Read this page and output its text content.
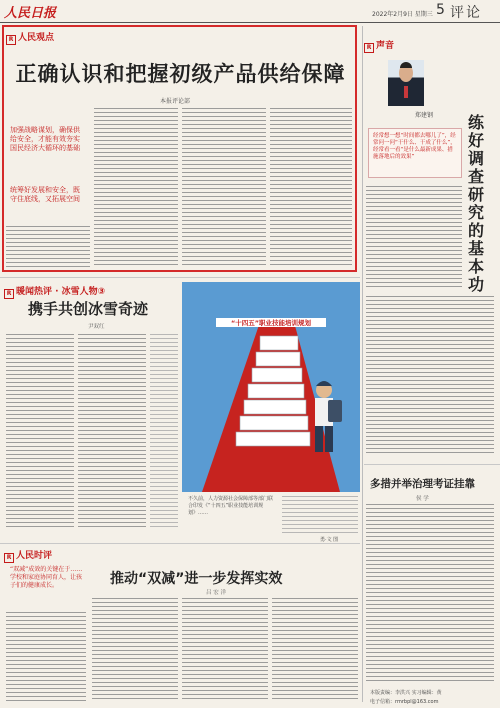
人民日报	2022年2月9日 星期三 5 评论
R 人民观点
正确认识和把握初级产品供给保障
本报评论部
加强战略谋划，确保供给安全，才能有效夯实国民经济大循环的基础
统筹好发展和安全，既守住底线，又拓展空间
R 声音
郑建钢
经常想一想“时间都去哪儿了”，经常问一问“干什么、干成了什么”，经常看一看“是什么最新成果、措施落地后的效果”
练
好
调
查
研
究
的
基
本
功
R 暖闻热评 · 冰雪人物③
携手共创冰雪奇迹
尹双红	“十四五”职业技能培训规划
不久前，人力资源社会保障部等部门联合印发《“十四五”职业技能培训规划》……
勇·文 图
多措并举治理考证挂靠
侯 学
R 人民时评
推动“双减”进一步发挥实效
吕 宏 洋
“双减”成效的关键在于……学校和家庭协同育人，让孩子们的健康成长。
本版责编：李洪兴 实习编辑：黄
电子信箱：rmrbpl@163.com
